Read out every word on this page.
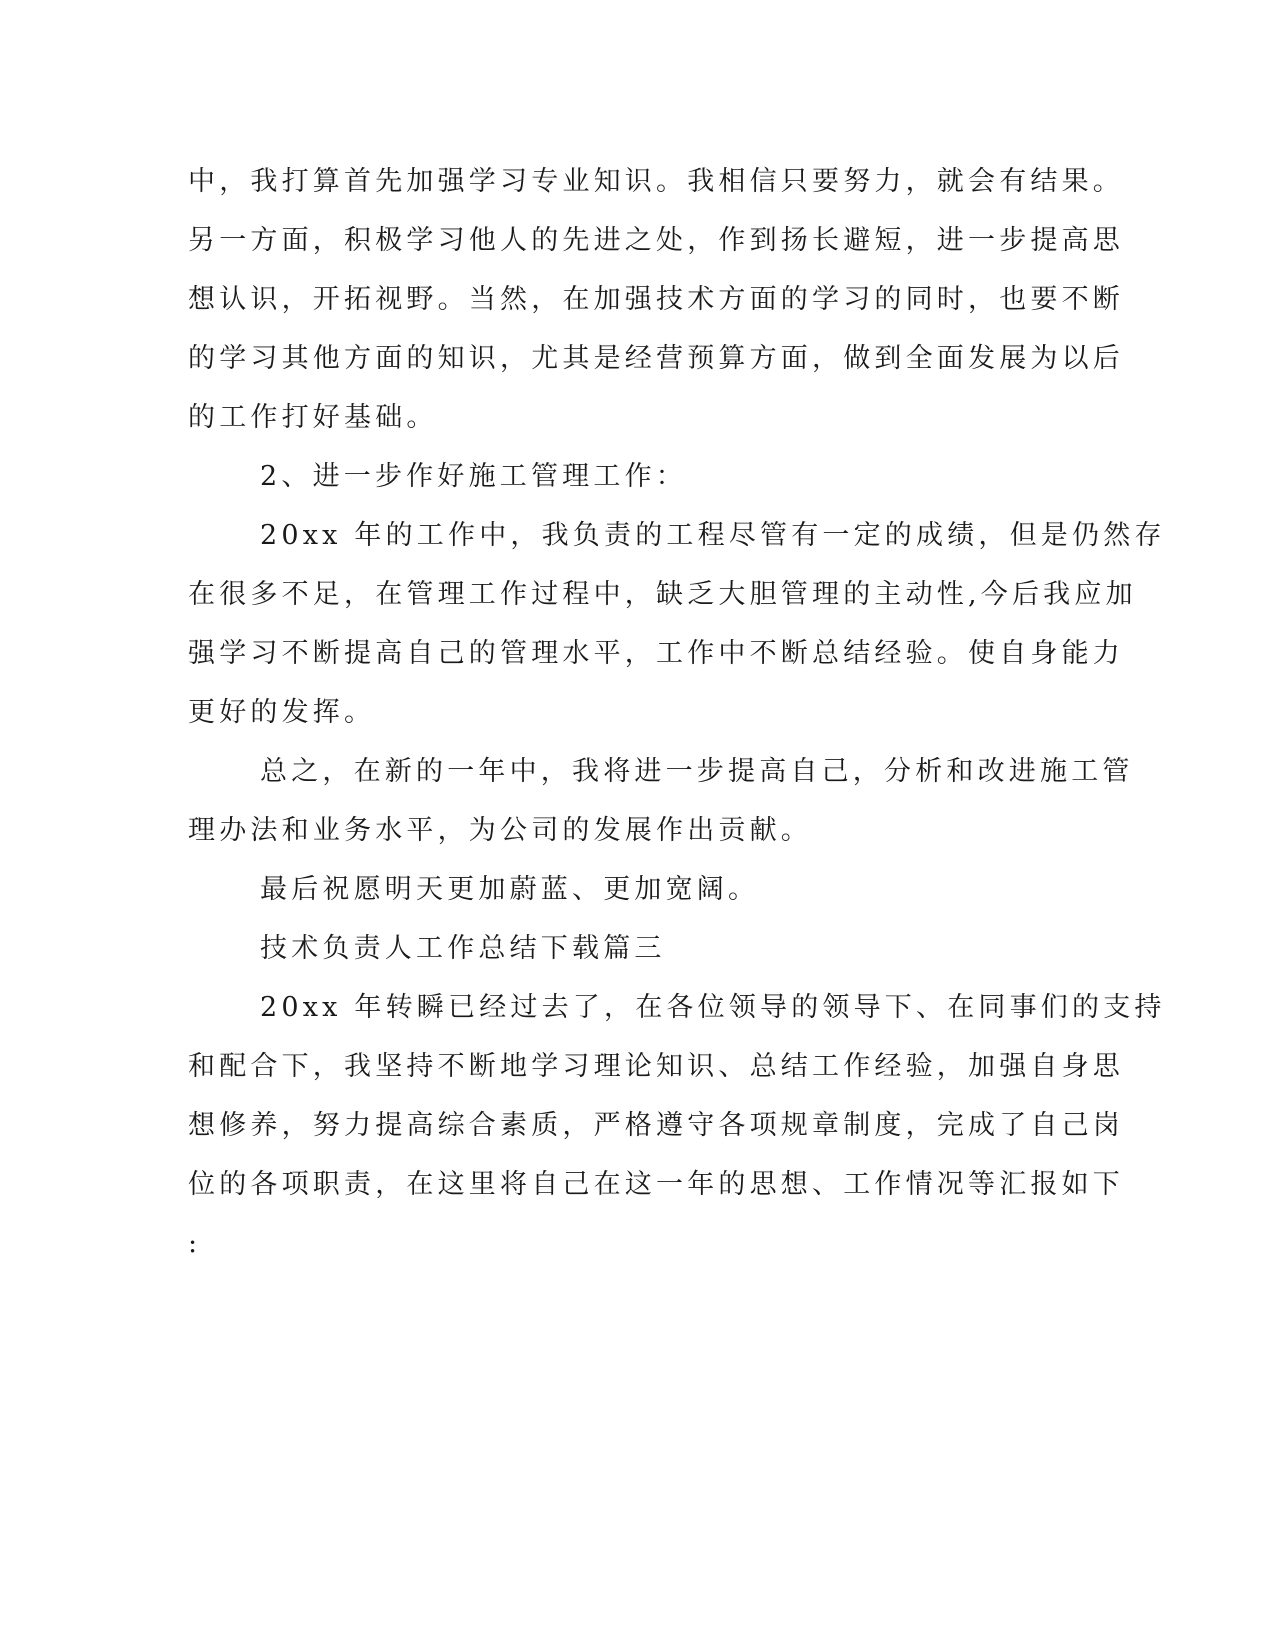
中，我打算首先加强学习专业知识。我相信只要努力，就会有结果。
另一方面，积极学习他人的先进之处，作到扬长避短，进一步提高思
想认识，开拓视野。当然，在加强技术方面的学习的同时，也要不断
的学习其他方面的知识，尤其是经营预算方面，做到全面发展为以后
的工作打好基础。
2、进一步作好施工管理工作：
20xx 年的工作中，我负责的工程尽管有一定的成绩，但是仍然存
在很多不足，在管理工作过程中，缺乏大胆管理的主动性,今后我应加
强学习不断提高自己的管理水平，工作中不断总结经验。使自身能力
更好的发挥。
总之，在新的一年中，我将进一步提高自己，分析和改进施工管
理办法和业务水平，为公司的发展作出贡献。
最后祝愿明天更加蔚蓝、更加宽阔。
技术负责人工作总结下载篇三
20xx 年转瞬已经过去了，在各位领导的领导下、在同事们的支持
和配合下，我坚持不断地学习理论知识、总结工作经验，加强自身思
想修养，努力提高综合素质，严格遵守各项规章制度，完成了自己岗
位的各项职责，在这里将自己在这一年的思想、工作情况等汇报如下
:
